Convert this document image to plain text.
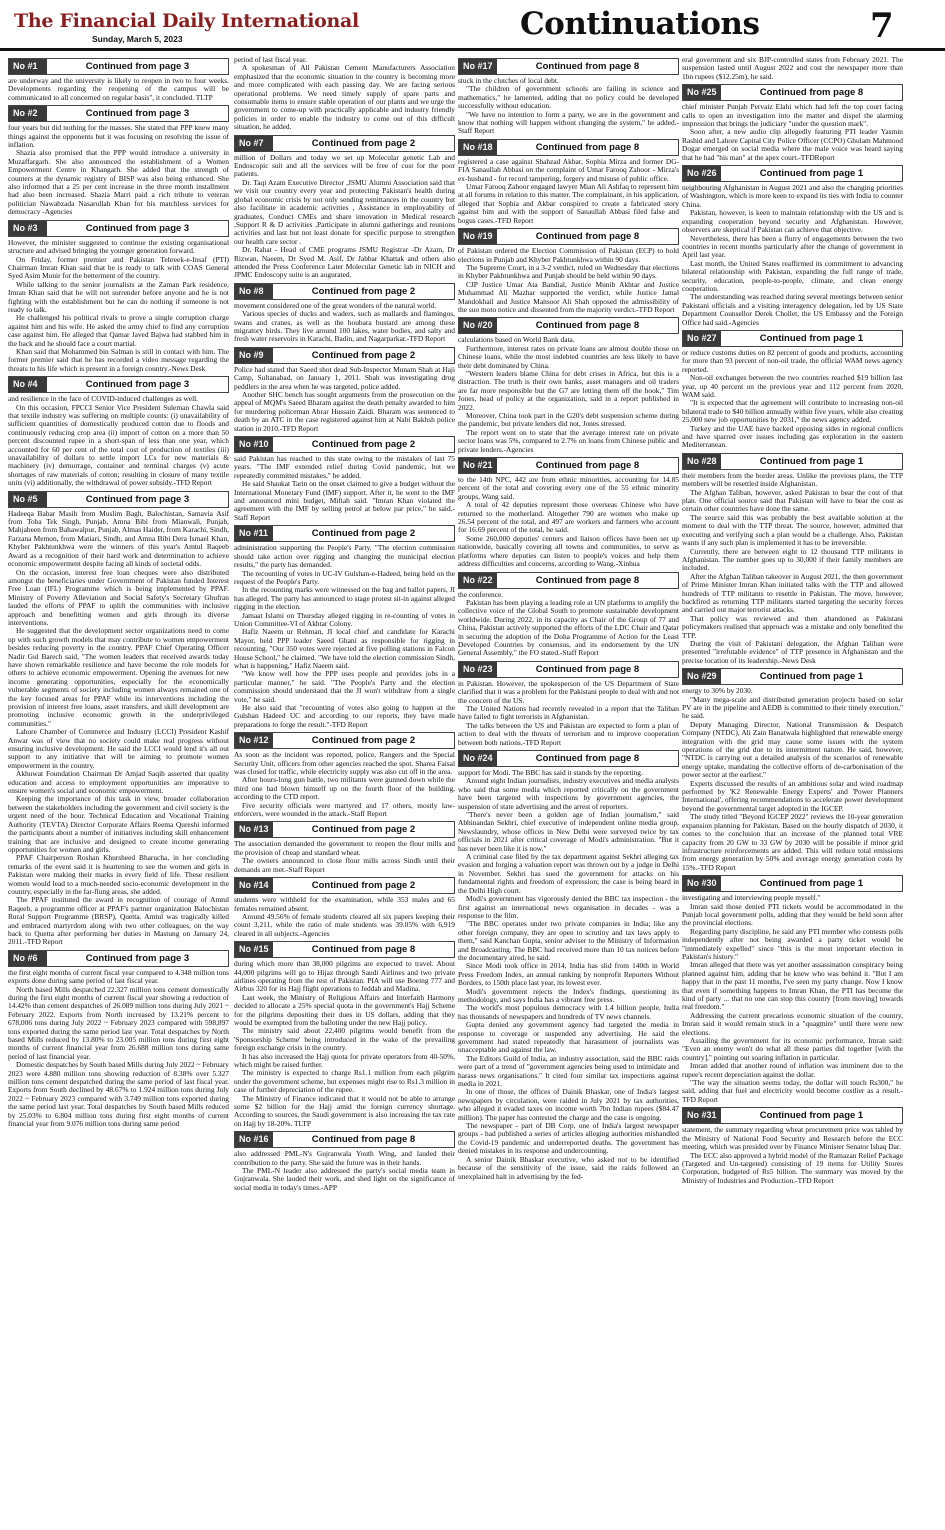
The Financial Daily International
Sunday, March 5, 2023	Continuations	7
No #1	Continued from page 3

are underway and the university is likely to reopen in two to four weeks. Developments regarding the reopening of the campus will be communicated to all concerned on regular basis", it concluded. TLTP

No #2	Continued from page 3

four years but did nothing for the masses. She stated that PPP knew many things against the opponents but it was focusing on resolving the issue of inflation.

Shazia also promised that the PPP would introduce a university in Muzaffargarh. She also announced the establishment of a Women Empowerment Centre in Khangarh. She added that the strength of counters at the dynamic registry of BISP was also being enhanced. She also informed that a 25 per cent increase in the three month installment had also been increased. Shazia Marri paid a rich tribute to veteran politician Nawabzada Nasarullah Khan for his matchless services for democracy -Agencies

No #3	Continued from page 3

However, the minister suggested to continue the existing organisational structure and advised bringing the younger generation forward.

On Friday, former premier and Pakistan Tehreek-e-Insaf (PTI) Chairman Imran Khan said that he is ready to talk with COAS General Syed Asim Munir for the betterment of the country.

While talking to the senior journalists at the Zaman Park residence, Imran Khan said that he will not surrender before anyone and he is not fighting with the establishment but he can do nothing if someone is not ready to talk.

He challenged his political rivals to prove a single corruption charge against him and his wife. He asked the army chief to find any corruption case against him. He alleged that Qamar Javed Bajwa had stabbed him in the back and he should face a court martial.

Khan said that Mohammed bin Salman is still in contact with him. The former premier said that he has recorded a video message regarding the threats to his life which is present in a foreign country.-News Desk

No #4	Continued from page 3

and resilience in the face of COVID-induced challenges as well.

On this occasion, FPCCI Senior Vice President Suleman Chawla said that textile industry was suffering on multiple counts: (i) unavailability of sufficient quantities of domestically produced cotton due to floods and continuously reducing crop area (ii) import of cotton on a more than 50 percent discounted rupee in a short-span of less than one year, which accounted for 60 per cent of the total cost of production of textiles (iii) unavailability of dollars to settle import LCs for new materials & machinery (iv) demurrage, container and terminal charges (v) acute shortages of raw materials of cotton; resulting in closure of many textile units (vi) additionally, the withdrawal of power subsidy.-TFD Report

No #5	Continued from page 3

Hadeeqa Babar Masih from Muslim Bagh, Balochistan, Samavia Asif from Toba Tek Singh, Punjab, Amna Bibi from Mianwali, Punjab, Mahjabeen from Bahawalpur, Punjab, Almas Haider, from Karachi, Sindh, Farzana Memon, from Matiari, Sindh, and Amna Bibi Dera Ismael Khan, Khyber Pakhtunkhwa were the winners of this year's Amtul Raqeeb Award as a recognition of their hard work and determination to achieve economic empowerment despite facing all kinds of societal odds.

On the occasion, interest free loan cheques were also distributed amongst the beneficiaries under Government of Pakistan funded Interest Free Loan (IFL) Programme which is being implemented by PPAF. Ministry of Poverty Alleviation and Social Safety's Secretary Ghufran lauded the efforts of PPAF to uplift the communities with inclusive approach and benefitting women and girls through its diverse interventions.

He suggested that the development sector organizations need to come up with such growth models that may contribute to women empowerment besides reducing poverty in the country. PPAF Chief Operating Officer Nadir Gul Barech said, "The women leaders that received awards today have shown remarkable resilience and have become the role models for others to achieve economic empowerment. Opening the avenues for new income generating opportunities, especially for the economically vulnerable segments of society including women always remained one of the key focused areas for PPAF while its interventions including the provision of interest free loans, asset transfers, and skill development are promoting inclusive economic growth in the underprivileged communities."

Lahore Chamber of Commerce and Industry (LCCI) President Kashif Anwar was of view that no society could make real progress without ensuring inclusive development. He said the LCCI would lend it's all out support to any initiative that will be aiming to promote women empowerment in the country.

Akhuwat Foundation Chairman Dr Amjad Saqib asserted that quality education and access to employment opportunities are imperative to ensure women's social and economic empowerment.

Keeping the importance of this task in view, broader collaboration between the stakeholders including the government and civil society is the urgent need of the hour. Technical Education and Vocational Training Authority (TEVTA) Director Corporate Affairs Reema Qureshi informed the participants about a number of initiatives including skill enhancement training that are inclusive and designed to create income generating opportunities for women and girls.

PPAF Chairperson Roshan Khursheed Bharucha, in her concluding remarks of the event said it is heartening to see the women and girls in Pakistan were making their marks in every field of life. These resilient women would lead to a much-needed socio-economic development in the country, especially in the far-flung areas, she added.

The PPAF instituted the award in recognition of courage of Amtul Raqeeb, a programme officer at PPAF's partner organization Balochistan Rural Support Programme (BRSP), Quetta. Amtul was tragically killed and embraced martyrdom along with two other colleagues, on the way back to Quetta after performing her duties in Mastung on January 24, 2011.-TFD Report

No #6	Continued from page 3

the first eight months of current fiscal year compared to 4.348 million tons exports done during same period of last fiscal year.

North based Mills despatched 22.327 million tons cement domestically during the first eight months of current fiscal year showing a reduction of 14.42% than cement despatches of 26.089 million tons during July 2021 ~ February 2022. Exports from North increased by 13.21% percent to 678,006 tons during July 2022 ~ February 2023 compared with 598,897 tons exported during the same period last year. Total despatches by North based Mills reduced by 13.80% to 23.005 million tons during first eight months of current financial year from 26.688 million tons during same period of last financial year.

Domestic despatches by South based Mills during July 2022 ~ February 2023 were 4.880 million tons showing reduction of 8.38% over 5.327 million tons cement despatched during the same period of last fiscal year. Exports from South declined by 48.67% to 1.924 million tons during July 2022 ~ February 2023 compared with 3.749 million tons exported during the same period last year. Total despatches by South based Mills reduced by 25.03% to 6.804 million tons during first eight months of current financial year from 9.076 million tons during same period

period of last fiscal year.

A spokesman of All Pakistan Cement Manufacturers Association emphasized that the economic situation in the country is becoming more and more complicated with each passing day. We are facing serious operational problems. We need timely supply of spare parts and consumable items to ensure stable operation of our plants and we urge the government to come-up with practically applicable and industry friendly policies in order to enable the industry to come out of this difficult situation, he added.

No #7	Continued from page 2

million of Dollars and today we set up Molecular genetic Lab and Endoscopic suit and all the services will be free of cost for the poor patients.

Dr. Taqi Azam Executive Director ,JSMU Alumni Association said that we visit our country every year and protecting Pakistan's health during global economic crisis by not only sending remittances in the country but also facilitate in academic activities , Assistance in employability of graduates, Conduct CMEs and share innovation in Medical research ,Support R & D activities ,Participate in alumni gatherings and reunions activities and last but not least donate for specific purpose to strengthen our health care sector .

Dr. Rahat - Head of CME programs JSMU Registrar -Dr Azam, Dr Rizwan, Naeem, Dr Syed M. Asif, Dr Jabbar Khattak and others also attended the Press Conference Later Molecular Genetic lab in NICH and JPMC Endoscopy suite is an augurated.

No #8	Continued from page 2

movement considered one of the great wonders of the natural world.

Various species of ducks and waders, such as mallards and flamingos, swans and cranes, as well as the houbara bustard are among these migratory birds. They live around 100 lakes, water bodies, and salty and fresh water reservoirs in Karachi, Badin, and Nagarparkar.-TFD Report

No #9	Continued from page 2

Police had stated that Saeed shot dead Sub-Inspector Munam Shah at Haji Camp, Sultanabad, on January 1, 2011. Shah was investigating drug peddlers in the area when he was targeted, police added.

Another SHC bench has sought arguments from the prosecution on the appeal of MQM's Saeed Bharam against the death penalty awarded to him for murdering policeman Abrar Hussain Zaidi. Bharam was sentenced to death by an ATC in the case registered against him at Nabi Bakhsh police station in 2010.-TFD Report

No #10	Continued from page 2

said Pakistan has reached to this state owing to the mistakes of last 75 years. "The IMF extended relief during Covid pandemic, but we repeatedly committed mistakes," he added.

He said Shaukat Tarin on the onset claimed to give a budget without the International Monetary Fund (IMF) support. After it, he went to the IMF and announced mini budget, Miftah said. "Imran Khan violated the agreement with the IMF by selling petrol at below par price," he said.-Staff Report

No #11	Continued from page 2

administration supporting the People's Party. "The election commission should take action over rigging and changing the municipal election results," the party has demanded.

The recounting of votes in UC-IV Gulshan-e-Hadeed, being held on the request of the People's Party.

In the recounting marks were witnessed on the bag and ballot papers, JI has alleged. The party has announced to stage protest sit-in against alleged rigging in the election.

Jamaat Islami on Thursday alleged rigging in re-counting of votes in Union Committee-VI of Akhtar Colony.

Hafiz Naeem ur Rehman, JI local chief and candidate for Karachi Mayor, held PPP leader Saeed Ghani as responsible for rigging in recounting. "Our 350 votes were rejected at five polling stations in Falcon House School," he claimed. "We have told the election commission Sindh, what is happening," Hafiz Naeem said.

"We know well how the PPP uses people and provides jobs in a particular manner," he said. "The People's Party and the election commission should understand that the JI won't withdraw from a single vote," he said.

He also said that "recounting of votes also going to happen at the Gulshan Hadeed UC and according to our reports, they have made preparations to forge the result."-TFD Report

No #12	Continued from page 2

As soon as the incident was reported, police, Rangers and the Special Security Unit, officers from other agencies reached the spot. Sharea Faisal was closed for traffic, while electricity supply was also cut off in the area.

After hours-long gun battle, two militants were gunned down while the third one had blown himself up on the fourth floor of the building, according to the CTD report.

Five security officials were martyred and 17 others, mostly law-enforcers, were wounded in the attack.-Staff Report

No #13	Continued from page 2

The association demanded the government to reopen the flour mills and the provision of cheap and standard wheat.

The owners announced to close flour mills across Sindh until their demands are met.-Staff Report

No #14	Continued from page 2

students were withheld for the examination, while 353 males and 65 females remained absent.

Around 49.56% of female students cleared all six papers keeping their count 3,211, while the ratio of male students was 39.05% with 6,919 cleared in all subjects.-Agencies

No #15	Continued from page 8

during which more than 38,000 pilgrims are expected to travel. About 44,000 pilgrims will go to Hijaz through Saudi Airlines and two private airlines operating from the rest of Pakistan. PIA will use Boeing 777 and Airbus 320 for its Hajj flight operations to Jeddah and Madina.

Last week, the Ministry of Religious Affairs and Interfaith Harmony decided to allocate a 25% special quota in the government's Hajj Scheme for the pilgrims depositing their dues in US dollars, adding that they would be exempted from the balloting under the new Hajj policy.

The ministry said about 22,400 pilgrims would benefit from the 'Sponsorship Scheme' being introduced in the wake of the prevailing foreign exchange crisis in the country.

It has also increased the Hajj quota for private operators from 40-50%, which might be raised further.

The ministry is expected to charge Rs1.1 million from each pilgrim under the government scheme, but expenses might rise to Rs1.3 million in case of further depreciation of the rupee.

The Ministry of Finance indicated that it would not be able to arrange some $2 billion for the Hajj amid the foreign currency shortage. According to sources, the Saudi government is also increasing the tax rate on Hajj by 18-20%. TLTP

No #16	Continued from page 8

also addressed PML-N's Gujranwala Youth Wing, and lauded their contribution to the party. She said the future was in their hands.

The PML-N leader also addressed the party's social media team in Gujranwala. She lauded their work, and shed light on the significance of social media in today's times.-APP

No #17	Continued from page 8

stuck in the clutches of local debt.

"The children of government schools are failing in science and mathematics," he lamented, adding that no policy could be developed successfully without education.

"We have no intention to form a party, we are in the government and know that nothing will happen without changing the system," he added.-Staff Report

No #18	Continued from page 8

registered a case against Shahzad Akbar, Sophia Mirza and former DG-FIA Sanaullah Abbasi on the complaint of Umar Farooq Zahoor - Mirza's ex-husband - for record tampering, forgery and misuse of public office.

Umar Farooq Zahoor engaged lawyer Mian Ali Ashfaq to represent him at all forums in relation to this matter. The complainant, in his application, alleged that Sophia and Akbar conspired to create a fabricated story against him and with the support of Sanaullah Abbasi filed false and bogus cases.-TFD Report

No #19	Continued from page 8

of Pakistan ordered the Election Commission of Pakistan (ECP) to hold elections in Punjab and Khyber Pakhtunkhwa within 90 days.

The Supreme Court, in a 3-2 verdict, ruled on Wednesday that elections in Khyber Pakhtunkhwa and Punjab should be held within 90 days.

CJP Justice Umar Ata Bandial, Justice Munib Akhtar and Justice Muhammad Ali Mazhar supported the verdict, while Justice Jamal Mandokhail and Justice Mansoor Ali Shah opposed the admissibility of the suo moto notice and dissented from the majority verdict.-TFD Report

No #20	Continued from page 8

calculations based on World Bank data.

Furthermore, interest rates on private loans are almost double those on Chinese loans, while the most indebted countries are less likely to have their debt dominated by China.

"Western leaders blame China for debt crises in Africa, but this is a distraction. The truth is their own banks, asset managers and oil traders are far more responsible but the G7 are letting them off the hook," Tim Jones, head of policy at the organization, said in a report published in 2022.

Moreover, China took part in the G20's debt suspension scheme during the pandemic, but private lenders did not, Jones stressed.

The report went on to state that the average interest rate on private sector loans was 5%, compared to 2.7% on loans from Chinese public and private lenders.-Agencies

No #21	Continued from page 8

to the 14th NPC, 442 are from ethnic minorities, accounting for 14.85 percent of the total and covering every one of the 55 ethnic minority groups, Wang said.

A total of 42 deputies represent those overseas Chinese who have returned to the motherland. Altogether 790 are women who make up 26.54 percent of the total, and 497 are workers and farmers who account for 16.69 percent of the total, he said.

Some 260,000 deputies' centers and liaison offices have been set up nationwide, basically covering all towns and communities, to serve as platforms where deputies can listen to people's voices and help them address difficulties and concerns, according to Wang.-Xinhua

No #22	Continued from page 8

the conference.

Pakistan has been playing a leading role at UN platforms to amplify the collective voice of the Global South to promote sustainable development worldwide. During 2022, in its capacity as Chair of the Group of 77 and China, Pakistan actively supported the efforts of the LDC Chair and Qatar in securing the adoption of the Doha Programme of Action for the Least Developed Countries by consensus, and its endorsement by the UN General Assembly," the FO stated.-Staff Report

No #23	Continued from page 8

in Pakistan. However, the spokesperson of the US Department of State clarified that it was a problem for the Pakistani people to deal with and not the concern of the US.

The United Nations had recently revealed in a report that the Taliban have failed to fight terrorists in Afghanistan.

The talks between the US and Pakistan are expected to form a plan of action to deal with the threats of terrorism and to improve cooperation between both nations.-TFD Report

No #24	Continued from page 8

support for Modi. The BBC has said it stands by the reporting.

Around eight Indian journalists, industry executives and media analysts who said that some media which reported critically on the government have been targeted with inspections by government agencies, the suspension of state advertising and the arrest of reporters.

"There's never been a golden age of Indian journalism," said Abhinandan Sekhri, chief executive of independent online media group, Newslaundry, whose offices in New Delhi were surveyed twice by tax officials in 2021 after critical coverage of Modi's administration. "But it has never been like it is now."

A criminal case filed by the tax department against Sekhri alleging tax evasion and forging a valuation report was thrown out by a judge in Delhi in November. Sekhri has sued the government for attacks on his fundamental rights and freedom of expression; the case is being heard in the Delhi High court.

Modi's government has vigorously denied the BBC tax inspection - the first against an international news organisation in decades - was a response to the film.

"The BBC operates under two private companies in India; like any other foreign company, they are open to scrutiny and tax laws apply to them," said Kanchan Gupta, senior adviser to the Ministry of Information and Broadcasting. The BBC had received more than 10 tax notices before the documentary aired, he said.

Since Modi took office in 2014, India has slid from 140th in World Press Freedom Index, an annual ranking by nonprofit Reporters Without Borders, to 150th place last year, its lowest ever.

Modi's government rejects the Index's findings, questioning its methodology, and says India has a vibrant free press.

The world's most populous democracy with 1.4 billion people, India has thousands of newspapers and hundreds of TV news channels.

Gupta denied any government agency had targeted the media in response to coverage or suspended any advertising. He said the government had stated repeatedly that harassment of journalists was unacceptable and against the law.

The Editors Guild of India, an industry association, said the BBC raids were part of a trend of "government agencies being used to intimidate and harass news organisations." It cited four similar tax inspections against media in 2021.

In one of those, the offices of Dainik Bhaskar, one of India's largest newspapers by circulation, were raided in July 2021 by tax authorities, who alleged it evaded taxes on income worth 7bn Indian rupees ($84.47 million). The paper has contested the charge and the case is ongoing.

The newspaper - part of DB Corp, one of India's largest newspaper groups - had published a series of articles alleging authorities mishandled the Covid-19 pandemic and underreported deaths. The government has denied mistakes in its response and undercounting.

A senior Dainik Bhaskar executive, who asked not to be identified because of the sensitivity of the issue, said the raids followed an unexplained halt in advertising by the fed-

eral government and six BJP-controlled states from February 2021. The suspension lasted until August 2022 and cost the newspaper more than 1bn rupees ($12.25m), he said.

No #25	Continued from page 8

chief minister Punjab Pervaiz Elahi which had left the top court facing calls to open an investigation into the matter and dispel the alarming impression that brings the judiciary "under the question mark".

Soon after, a new audio clip allegedly featuring PTI leader Yasmin Rashid and Lahore Capital City Police Officer (CCPO) Ghulam Mahmood Dogar emerged on social media where the male voice was heard saying that he had "his man" at the apex court.-TFDReport

No #26	Continued from page 1

neighbouring Afghanistan in August 2021 and also the changing priorities of Washington, which is more keen to expand its ties with India to counter China.

Pakistan, however, is keen to maintain relationship with the US and is expanding cooperation beyond security and Afghanistan. However, observers are skeptical if Pakistan can achieve that objective.

Nevertheless, there has been a flurry of engagements between the two countries in recent months particularly after the change of government in April last year.

Last month, the United States reaffirmed its commitment to advancing bilateral relationship with Pakistan, expanding the full range of trade, security, education, people-to-people, climate, and clean energy cooperation.

The understanding was reached during several meetings between senior Pakistani officials and a visiting interagency delegation, led by US State Department Counsellor Derek Chollet, the US Embassy and the Foreign Office had said.-Agencies

No #27	Continued from page 1

or reduce customs duties on 82 percent of goods and products, accounting for more than 93 percent of non-oil trade, the official WAM news agency reported.

Non-oil exchanges between the two countries reached $19 billion last year, up 40 percent on the previous year and 112 percent from 2020, WAM said.

"It is expected that the agreement will contribute to increasing non-oil bilateral trade to $40 billion annually within five years, while also creating 25,000 new job opportunities by 2031," the news agency added.

Turkey and the UAE have backed opposing sides in regional conflicts and have sparred over issues including gas exploration in the eastern Mediterranean.

No #28	Continued from page 1

their members from the border areas. Unlike the previous plans, the TTP members will be resettled inside Afghanistan.

The Afghan Taliban, however, asked Pakistan to bear the cost of that plan. One official source said that Pakistan will have to bear the cost as certain other countries have done the same.

The source said this was probably the best available solution at the moment to deal with the TTP threat. The source, however, admitted that executing and verifying such a plan would be a challenge. Also, Pakistan wants if any such plan is implemented it has to be irreversible.

Currently, there are between eight to 12 thousand TTP militants in Afghanistan. The number goes up to 30,000 if their family members are included.

After the Afghan Taliban takeover in August 2021, the then government of Prime Minister Imran Khan initiated talks with the TTP and allowed hundreds of TTP militants to resettle in Pakistan. The move, however, backfired as returning TTP militants started targeting the security forces and carried out major terrorist attacks.

That policy was reviewed and then abandoned as Pakistani policymakers realised that approach was a mistake and only benefited the TTP.

During the visit of Pakistani delegation, the Afghan Taliban were presented "irrefutable evidence" of TTP presence in Afghanistan and the precise location of its leadership.-News Desk

No #29	Continued from page 1

energy to 30% by 2030.

"Many mega-scale and distributed generation projects based on solar PV are in the pipeline and AEDB is committed to their timely execution," he said.

Deputy Managing Director, National Transmission & Despatch Company (NTDC), Ali Zain Banatwala highlighted that renewable energy integration with the grid may cause some issues with the system operations of the grid due to its intermittent nature. He said, however, "NTDC is carrying out a detailed analysis of the scenarios of renewable energy uptake, mandating the collective efforts of de-carbonisation of the power sector at the earliest."

Experts discussed the results of an ambitious solar and wind roadmap performed by 'K2 Renewable Energy Experts' and 'Power Planners International', offering recommendations to accelerate power development beyond the governmental target adopted in the IGCEP.

The study titled "Beyond IGCEP 2022" reviews the 10-year generation expansion planning for Pakistan. Based on the hourly dispatch of 2030, it comes to the conclusion that an increase of the planned total VRE capacity from 20 GW to 33 GW by 2030 will be possible if minor grid infrastructure reinforcements are added. This will reduce total emissions from energy generation by 50% and average energy generation costs by 15%.-TFD Report

No #30	Continued from page 1

investigating and interviewing people myself."

Imran said those denied PTI tickets would be accommodated in the Punjab local government polls, adding that they would be held soon after the provincial elections.

Regarding party discipline, he said any PTI member who contests polls independently after not being awarded a party ticket would be "immediately expelled" since "this is the most important election in Pakistan's history."

Imran alleged that there was yet another assassination conspiracy being planned against him, adding that he knew who was behind it. "But I am happy that in the past 11 months, I've seen my party change. Now I know that even if something happens to Imran Khan, the PTI has become the kind of party ... that no one can stop this country [from moving] towards real freedom."

Addressing the current precarious economic situation of the country, Imran said it would remain stuck in a "quagmire" until there were new elections.

Assailing the government for its economic performance, Imran said: "Even an enemy won't do what all these parties did together [with the country]," pointing out soaring inflation in particular.

Imran added that another round of inflation was imminent due to the rupee's recent depreciation against the dollar.

"The way the situation seems today, the dollar will touch Rs300," he said, adding that fuel and electricity would become costlier as a result.-TFD Report

No #31	Continued from page 1

statement, the summary regarding wheat procurement price was tabled by the Ministry of National Food Security and Research before the ECC meeting, which was presided over by Finance Minister Senator Ishaq Dar.

The ECC also approved a hybrid model of the Ramazan Relief Package (Targeted and Un-targeted) consisting of 19 items for Utility Stores Corporation, budgeted of Rs5 billion. The summary was moved by the Ministry of Industries and Production.-TFD Report
